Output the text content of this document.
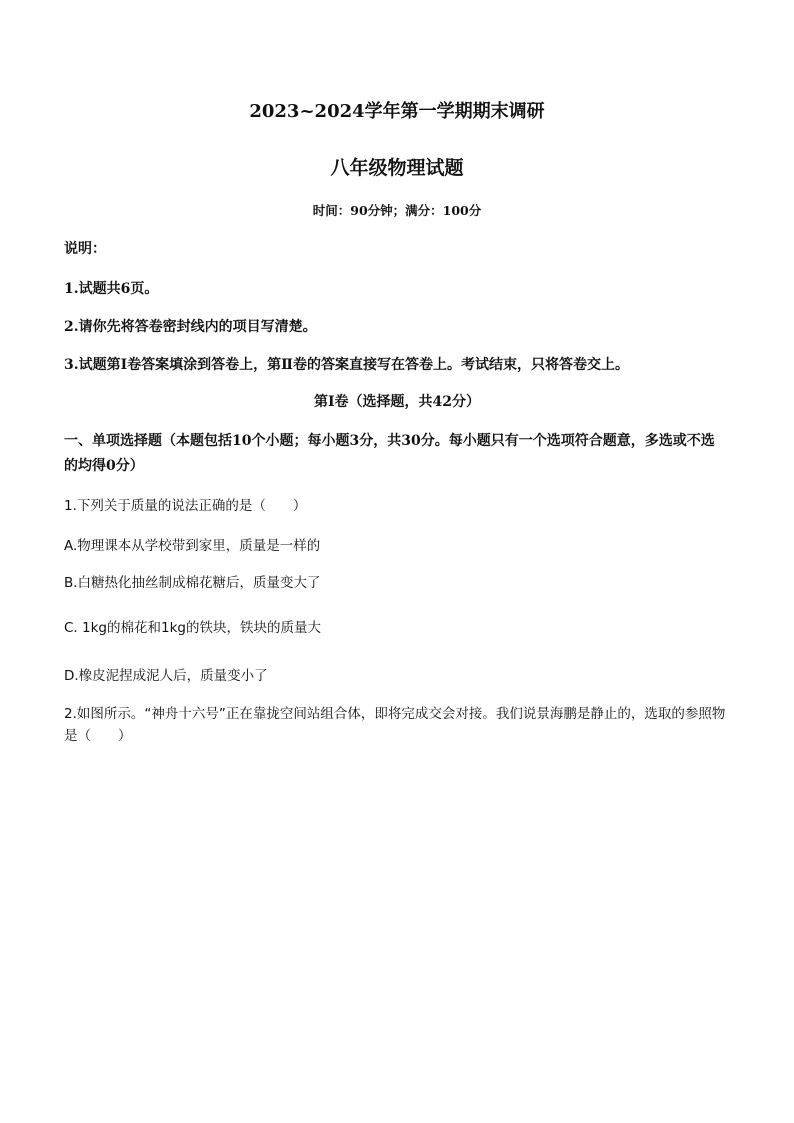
2023~2024学年第一学期期末调研
八年级物理试题
时间：90分钟；满分：100分
说明：
1.试题共6页。
2.请你先将答卷密封线内的项目写清楚。
3.试题第Ⅰ卷答案填涂到答卷上，第Ⅱ卷的答案直接写在答卷上。考试结束，只将答卷交上。
第Ⅰ卷（选择题，共42分）
一、单项选择题（本题包括10个小题；每小题3分，共30分。每小题只有一个选项符合题意，多选或不选的均得0分）
1.下列关于质量的说法正确的是（　　）
A.物理课本从学校带到家里，质量是一样的
B.白糖热化抽丝制成棉花糖后，质量变大了
C. 1kg的棉花和1kg的铁块，铁块的质量大
D.橡皮泥捏成泥人后，质量变小了
2.如图所示。“神舟十六号”正在靠拢空间站组合体，即将完成交会对接。我们说景海鹏是静止的，选取的参照物是（　　）
